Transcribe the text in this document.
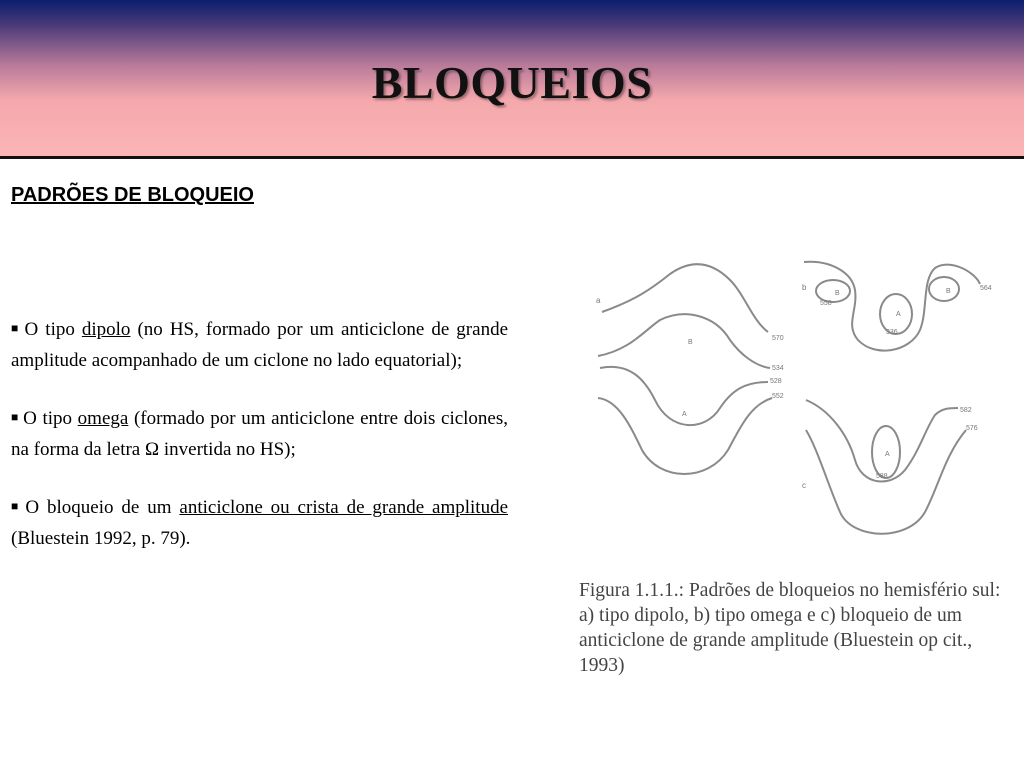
BLOQUEIOS
PADRÕES DE BLOQUEIO

■ O tipo dipolo (no HS, formado por um anticiclone de grande amplitude acompanhado de um ciclone no lado equatorial);

■ O tipo omega (formado por um anticiclone entre dois ciclones, na forma da letra Ω invertida no HS);

■ O bloqueio de um anticiclone ou crista de grande amplitude (Bluestein 1992, p. 79).

a
B
A
570
534
528
552
b
B
A
B
558
336
564
c
A
582
576
588
Figura 1.1.1.: Padrões de bloqueios no hemisfério sul: a) tipo dipolo, b) tipo omega e c) bloqueio de um anticiclone de grande amplitude (Bluestein op cit., 1993)
